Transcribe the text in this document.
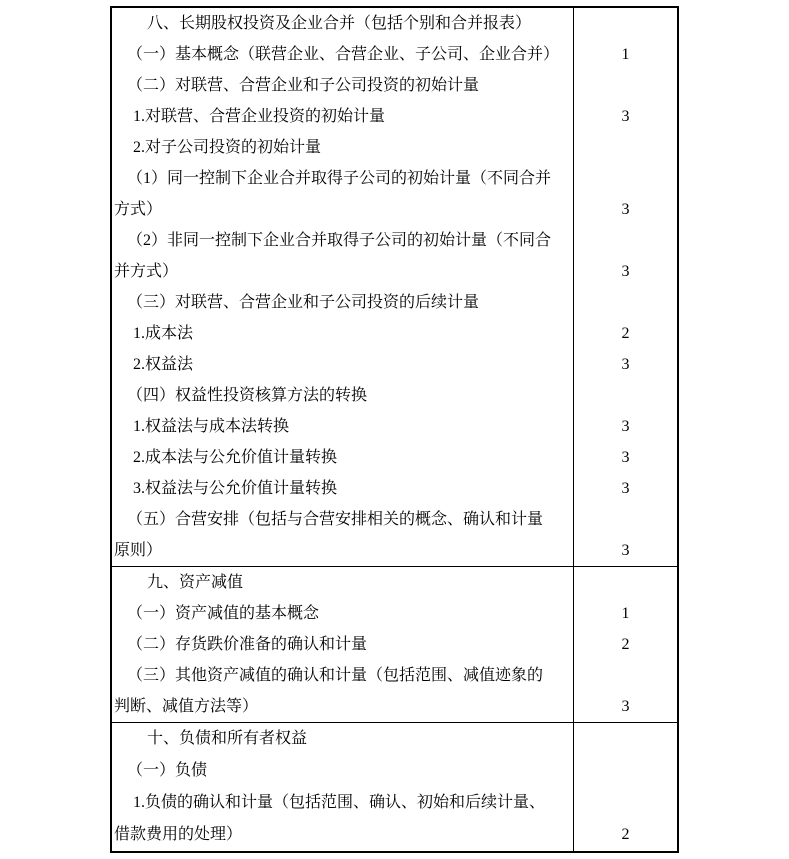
八、长期股权投资及企业合并（包括个别和合并报表）
（一）基本概念（联营企业、合营企业、子公司、企业合并）	1
（二）对联营、合营企业和子公司投资的初始计量
1.对联营、合营企业投资的初始计量	3
2.对子公司投资的初始计量
（1）同一控制下企业合并取得子公司的初始计量（不同合并
方式）	3
（2）非同一控制下企业合并取得子公司的初始计量（不同合
并方式）	3
（三）对联营、合营企业和子公司投资的后续计量
1.成本法	2
2.权益法	3
（四）权益性投资核算方法的转换
1.权益法与成本法转换	3
2.成本法与公允价值计量转换	3
3.权益法与公允价值计量转换	3
（五）合营安排（包括与合营安排相关的概念、确认和计量
原则）	3
九、资产减值
（一）资产减值的基本概念	1
（二）存货跌价准备的确认和计量	2
（三）其他资产减值的确认和计量（包括范围、减值迹象的
判断、减值方法等）	3
十、负债和所有者权益
（一）负债
1.负债的确认和计量（包括范围、确认、初始和后续计量、
借款费用的处理）	2
